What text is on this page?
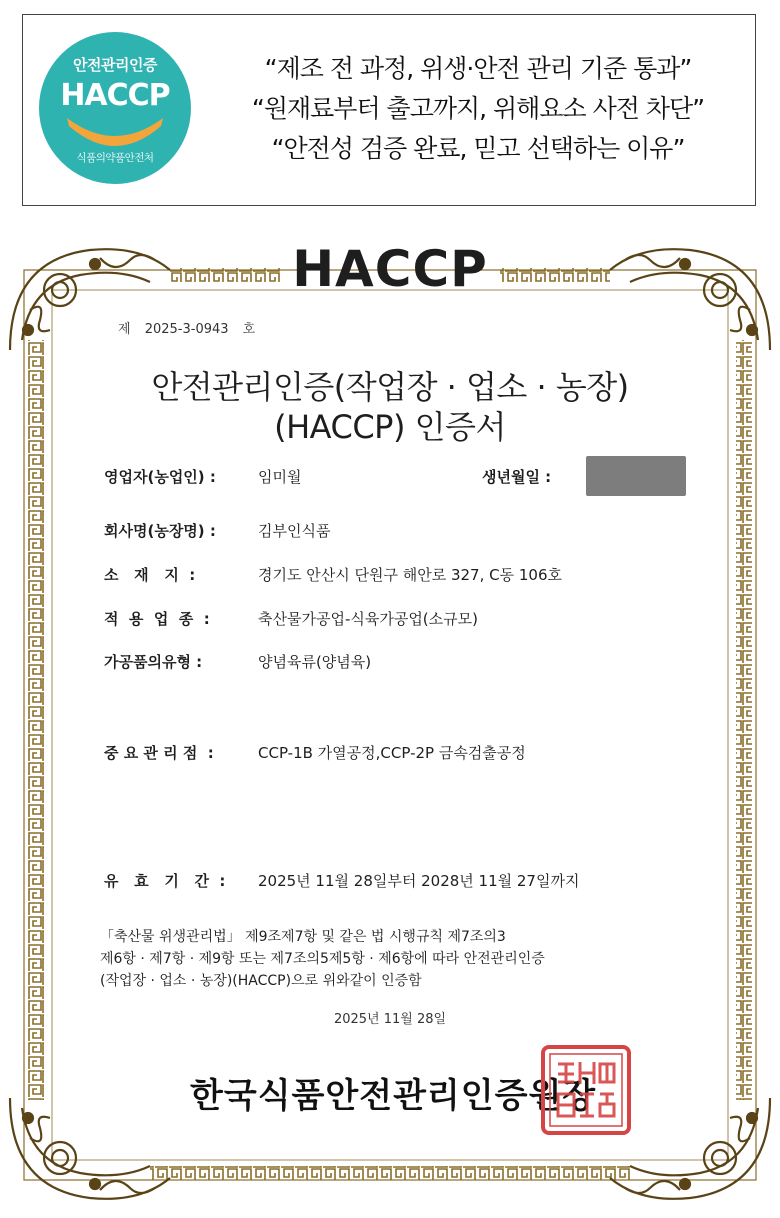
안전관리인증
HACCP
식품의약품안전처
“제조 전 과정, 위생·안전 관리 기준 통과”
“원재료부터 출고까지, 위해요소 사전 차단”
“안전성 검증 완료, 믿고 선택하는 이유”
HACCP
제 2025-3-0943 호
안전관리인증(작업장 · 업소 · 농장)
(HACCP) 인증서
영업자(농업인) :	임미월	생년월일 :
회사명(농장명) :	김부인식품
소   재   지  :	경기도 안산시 단원구 해안로 327, C동 106호
적  용  업  종  :	축산물가공업-식육가공업(소규모)
가공품의유형 :	양념육류(양념육)
중 요 관 리 점  :	CCP-1B 가열공정,CCP-2P 금속검출공정
유   효   기   간  : 2025년 11월 28일부터 2028년 11월 27일까지
「축산물 위생관리법」 제9조제7항 및 같은 법 시행규칙 제7조의3
제6항 · 제7항 · 제9항 또는 제7조의5제5항 · 제6항에 따라 안전관리인증
(작업장 · 업소 · 농장)(HACCP)으로 위와같이 인증함
2025년 11월 28일
한국식품안전관리인증원장
